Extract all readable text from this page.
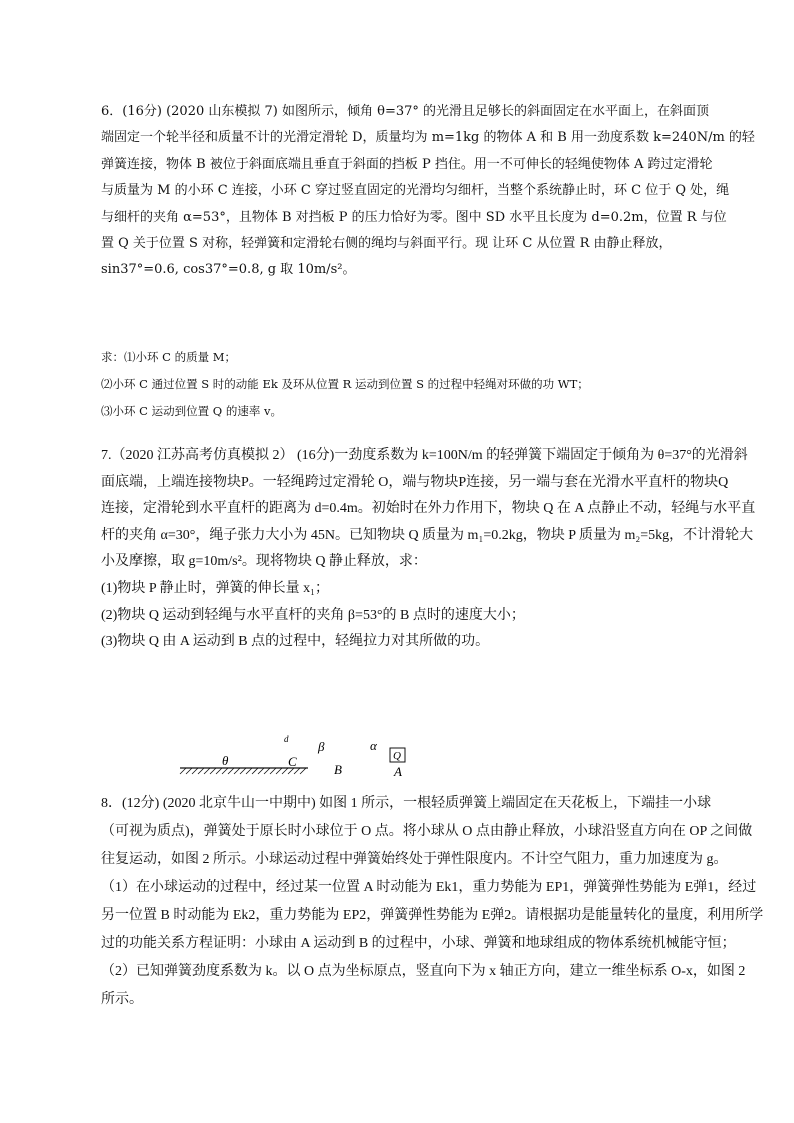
6．(16分) (2020 山东模拟 7) 如图所示，倾角 θ=37° 的光滑且足够长的斜面固定在水平面上，在斜面顶
端固定一个轮半径和质量不计的光滑定滑轮 D，质量均为 m=1kg 的物体 A 和 B 用一劲度系数 k=240N/m 的轻
弹簧连接，物体 B 被位于斜面底端且垂直于斜面的挡板 P 挡住。用一不可伸长的轻绳使物体 A 跨过定滑轮
与质量为 M 的小环 C 连接，小环 C 穿过竖直固定的光滑均匀细杆，当整个系统静止时，环 C 位于 Q 处，绳
与细杆的夹角 α=53°，且物体 B 对挡板 P 的压力恰好为零。图中 SD 水平且长度为 d=0.2m，位置 R 与位
置 Q 关于位置 S 对称，轻弹簧和定滑轮右侧的绳均与斜面平行。现 让环 C 从位置 R 由静止释放，
sin37°=0.6, cos37°=0.8, g 取 10m/s²。
求：⑴小环 C 的质量 M；
⑵小环 C 通过位置 S 时的动能 Ek 及环从位置 R 运动到位置 S 的过程中轻绳对环做的功 WT；
⑶小环 C 运动到位置 Q 的速率 v。
7.（2020 江苏高考仿真模拟 2） (16分)一劲度系数为 k=100N/m 的轻弹簧下端固定于倾角为 θ=37°的光滑斜
面底端，上端连接物块P。一轻绳跨过定滑轮 O，端与物块P连接，另一端与套在光滑水平直杆的物块Q
连接，定滑轮到水平直杆的距离为 d=0.4m。初始时在外力作用下，物块 Q 在 A 点静止不动，轻绳与水平直
杆的夹角 α=30°，绳子张力大小为 45N。已知物块 Q 质量为 m₁=0.2kg，物块 P 质量为 m₂=5kg，不计滑轮大
小及摩擦，取 g=10m/s²。现将物块 Q 静止释放，求：
(1)物块 P 静止时，弹簧的伸长量 x₁；
(2)物块 Q 运动到轻绳与水平直杆的夹角 β=53°的 B 点时的速度大小；
(3)物块 Q 由 A 运动到 B 点的过程中，轻绳拉力对其所做的功。
θ
d
C
β
B
α
Q
A
8．(12分) (2020 北京牛山一中期中) 如图 1 所示，一根轻质弹簧上端固定在天花板上，下端挂一小球
（可视为质点)，弹簧处于原长时小球位于 O 点。将小球从 O 点由静止释放，小球沿竖直方向在 OP 之间做
往复运动，如图 2 所示。小球运动过程中弹簧始终处于弹性限度内。不计空气阻力，重力加速度为 g。
（1）在小球运动的过程中，经过某一位置 A 时动能为 Ek1，重力势能为 EP1，弹簧弹性势能为 E弹1，经过
另一位置 B 时动能为 Ek2，重力势能为 EP2，弹簧弹性势能为 E弹2。请根据功是能量转化的量度，利用所学
过的功能关系方程证明：小球由 A 运动到 B 的过程中，小球、弹簧和地球组成的物体系统机械能守恒；
（2）已知弹簧劲度系数为 k。以 O 点为坐标原点，竖直向下为 x 轴正方向，建立一维坐标系 O-x，如图 2
所示。
